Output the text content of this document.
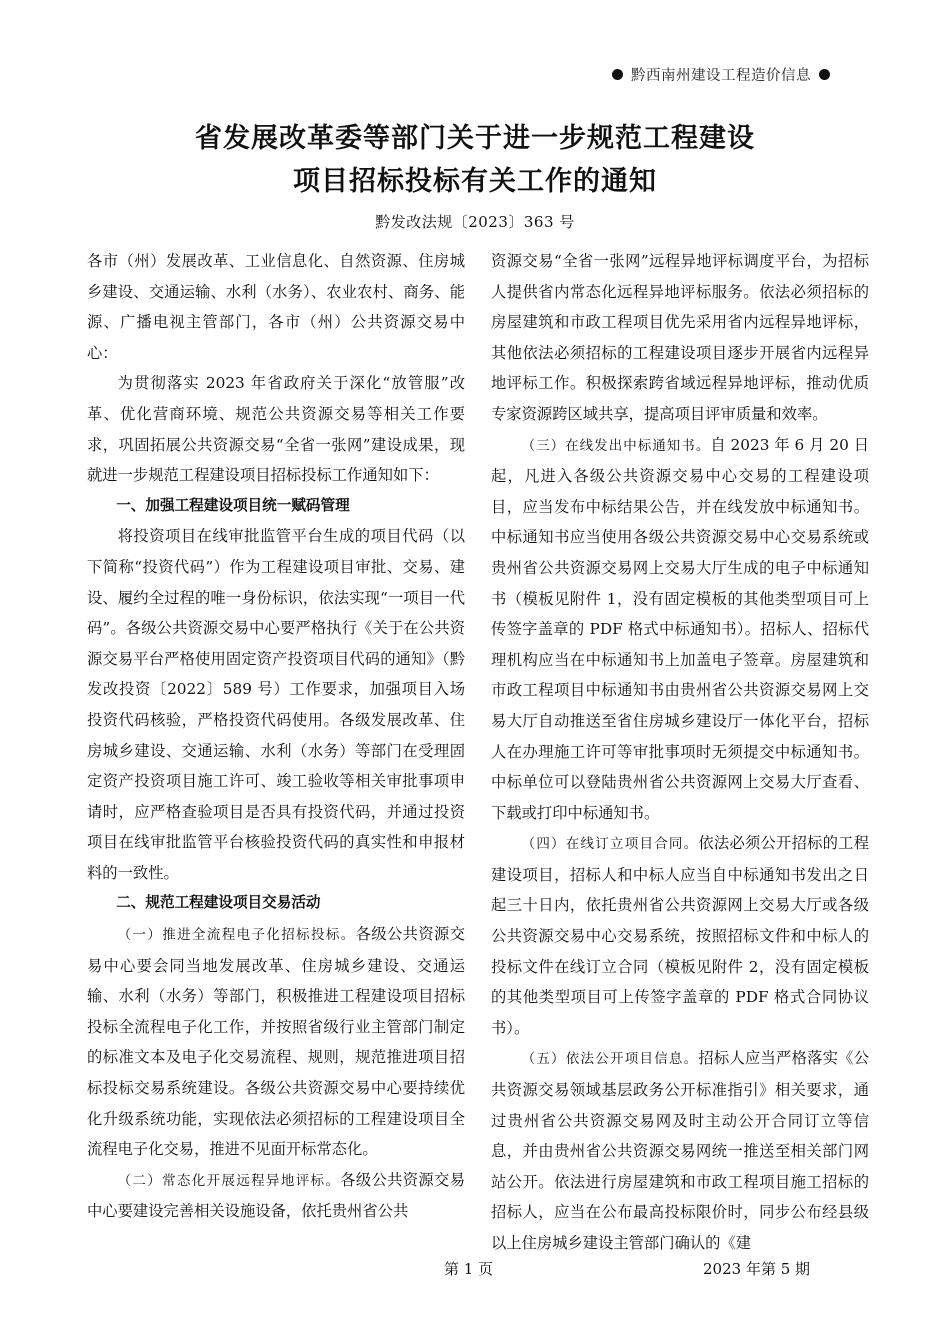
黔西南州建设工程造价信息
省发展改革委等部门关于进一步规范工程建设
项目招标投标有关工作的通知
黔发改法规〔2023〕363 号

各市（州）发展改革、工业信息化、自然资源、住房城乡建设、交通运输、水利（水务）、农业农村、商务、能源、广播电视主管部门，各市（州）公共资源交易中心：

为贯彻落实 2023 年省政府关于深化“放管服”改革、优化营商环境、规范公共资源交易等相关工作要求，巩固拓展公共资源交易“全省一张网”建设成果，现就进一步规范工程建设项目招标投标工作通知如下：

一、加强工程建设项目统一赋码管理

将投资项目在线审批监管平台生成的项目代码（以下简称“投资代码”）作为工程建设项目审批、交易、建设、履约全过程的唯一身份标识，依法实现“一项目一代码”。各级公共资源交易中心要严格执行《关于在公共资源交易平台严格使用固定资产投资项目代码的通知》（黔发改投资〔2022〕589 号）工作要求，加强项目入场投资代码核验，严格投资代码使用。各级发展改革、住房城乡建设、交通运输、水利（水务）等部门在受理固定资产投资项目施工许可、竣工验收等相关审批事项申请时，应严格查验项目是否具有投资代码，并通过投资项目在线审批监管平台核验投资代码的真实性和申报材料的一致性。

二、规范工程建设项目交易活动

（一）推进全流程电子化招标投标。各级公共资源交易中心要会同当地发展改革、住房城乡建设、交通运输、水利（水务）等部门，积极推进工程建设项目招标投标全流程电子化工作，并按照省级行业主管部门制定的标准文本及电子化交易流程、规则，规范推进项目招标投标交易系统建设。各级公共资源交易中心要持续优化升级系统功能，实现依法必须招标的工程建设项目全流程电子化交易，推进不见面开标常态化。

（二）常态化开展远程异地评标。各级公共资源交易中心要建设完善相关设施设备，依托贵州省公共

资源交易“全省一张网”远程异地评标调度平台，为招标人提供省内常态化远程异地评标服务。依法必须招标的房屋建筑和市政工程项目优先采用省内远程异地评标，其他依法必须招标的工程建设项目逐步开展省内远程异地评标工作。积极探索跨省域远程异地评标，推动优质专家资源跨区域共享，提高项目评审质量和效率。

（三）在线发出中标通知书。自 2023 年 6 月 20 日起，凡进入各级公共资源交易中心交易的工程建设项目，应当发布中标结果公告，并在线发放中标通知书。中标通知书应当使用各级公共资源交易中心交易系统或贵州省公共资源交易网上交易大厅生成的电子中标通知书（模板见附件 1，没有固定模板的其他类型项目可上传签字盖章的 PDF 格式中标通知书）。招标人、招标代理机构应当在中标通知书上加盖电子签章。房屋建筑和市政工程项目中标通知书由贵州省公共资源交易网上交易大厅自动推送至省住房城乡建设厅一体化平台，招标人在办理施工许可等审批事项时无须提交中标通知书。中标单位可以登陆贵州省公共资源网上交易大厅查看、下载或打印中标通知书。

（四）在线订立项目合同。依法必须公开招标的工程建设项目，招标人和中标人应当自中标通知书发出之日起三十日内，依托贵州省公共资源网上交易大厅或各级公共资源交易中心交易系统，按照招标文件和中标人的投标文件在线订立合同（模板见附件 2，没有固定模板的其他类型项目可上传签字盖章的 PDF 格式合同协议书）。

（五）依法公开项目信息。招标人应当严格落实《公共资源交易领域基层政务公开标准指引》相关要求，通过贵州省公共资源交易网及时主动公开合同订立等信息，并由贵州省公共资源交易网统一推送至相关部门网站公开。依法进行房屋建筑和市政工程项目施工招标的招标人，应当在公布最高投标限价时，同步公布经县级以上住房城乡建设主管部门确认的《建

第 1 页	2023 年第 5 期
